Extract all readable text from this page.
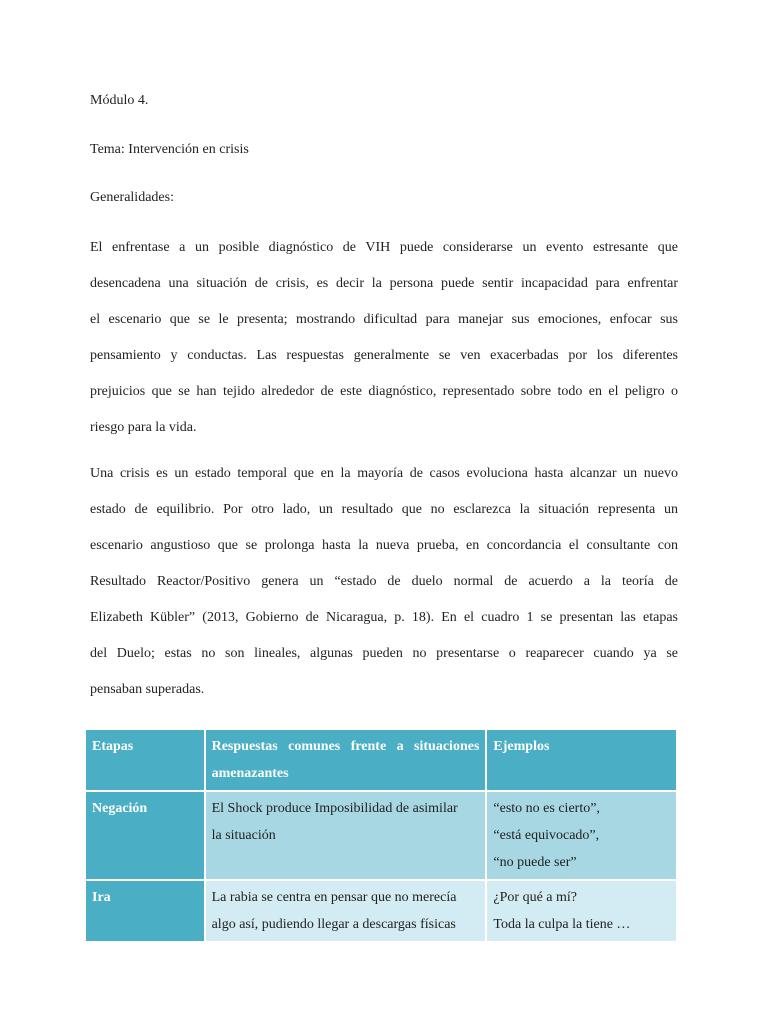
Módulo 4.
Tema: Intervención en crisis
Generalidades:
El enfrentase a un posible diagnóstico de VIH puede considerarse un evento estresante que
desencadena una situación de crisis, es decir la persona puede sentir incapacidad para enfrentar
el escenario que se le presenta; mostrando dificultad para manejar sus emociones, enfocar sus
pensamiento y conductas. Las respuestas generalmente se ven exacerbadas por los diferentes
prejuicios que se han tejido alrededor de este diagnóstico, representado sobre todo en el peligro o
riesgo para la vida.
Una crisis es un estado temporal que en la mayoría de casos evoluciona hasta alcanzar un nuevo
estado de equilibrio. Por otro lado, un resultado que no esclarezca la situación representa un
escenario angustioso que se prolonga hasta la nueva prueba, en concordancia el consultante con
Resultado Reactor/Positivo genera un “estado de duelo normal de acuerdo a la teoría de
Elizabeth Kübler” (2013, Gobierno de Nicaragua, p. 18). En el cuadro 1 se presentan las etapas
del Duelo; estas no son lineales, algunas pueden no presentarse o reaparecer cuando ya se
pensaban superadas.
Etapas	Respuestas comunes frente a situaciones
amenazantes	Ejemplos

Negación	El Shock produce Imposibilidad de asimilar
la situación	“esto no es cierto”,
“está equivocado”,
“no puede ser”

Ira	La rabia se centra en pensar que no merecía
algo así, pudiendo llegar a descargas físicas	¿Por qué a mí?
Toda la culpa la tiene …
